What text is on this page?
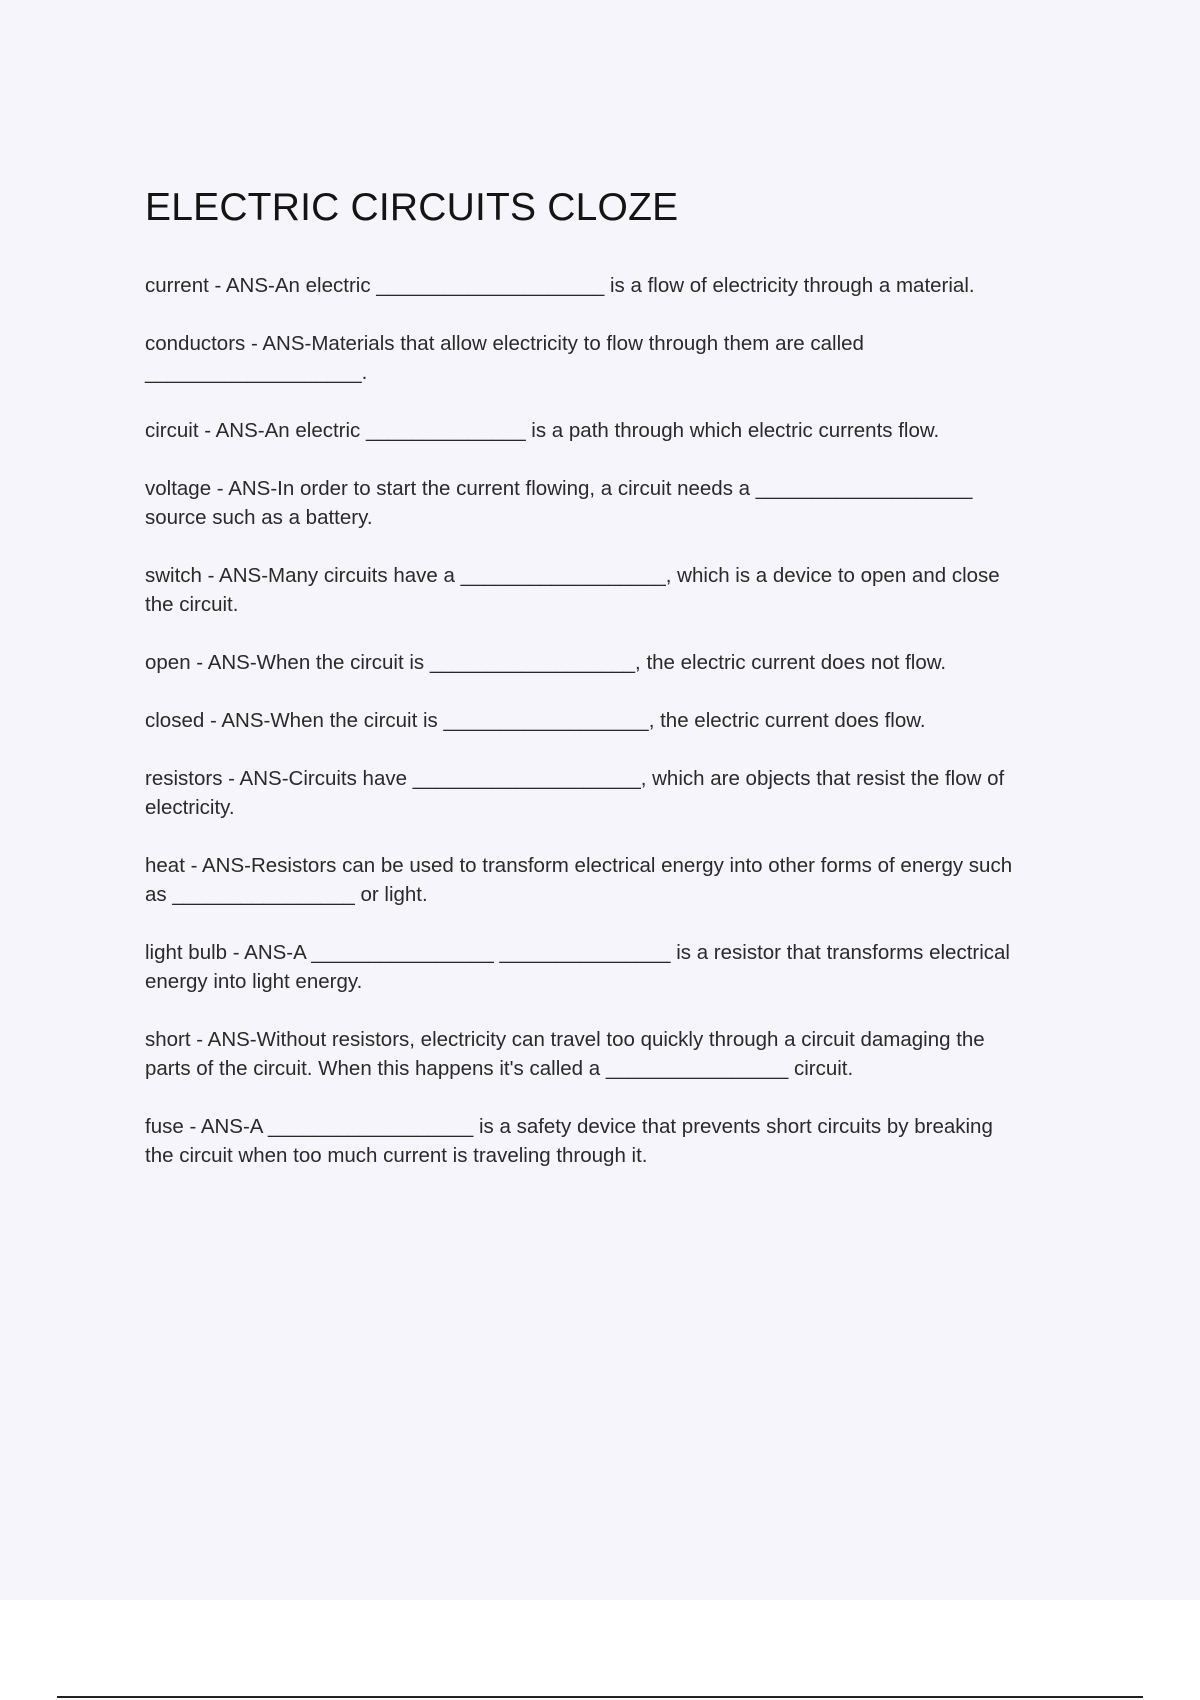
ELECTRIC CIRCUITS CLOZE

current - ANS-An electric ____________________ is a flow of electricity through a material.

conductors - ANS-Materials that allow electricity to flow through them are called
___________________.

circuit - ANS-An electric ______________ is a path through which electric currents flow.

voltage - ANS-In order to start the current flowing, a circuit needs a ___________________
source such as a battery.

switch - ANS-Many circuits have a __________________, which is a device to open and close
the circuit.

open - ANS-When the circuit is __________________, the electric current does not flow.

closed - ANS-When the circuit is __________________, the electric current does flow.

resistors - ANS-Circuits have ____________________, which are objects that resist the flow of
electricity.

heat - ANS-Resistors can be used to transform electrical energy into other forms of energy such
as ________________ or light.

light bulb - ANS-A ________________ _______________ is a resistor that transforms electrical
energy into light energy.

short - ANS-Without resistors, electricity can travel too quickly through a circuit damaging the
parts of the circuit. When this happens it's called a ________________ circuit.

fuse - ANS-A __________________ is a safety device that prevents short circuits by breaking
the circuit when too much current is traveling through it.
